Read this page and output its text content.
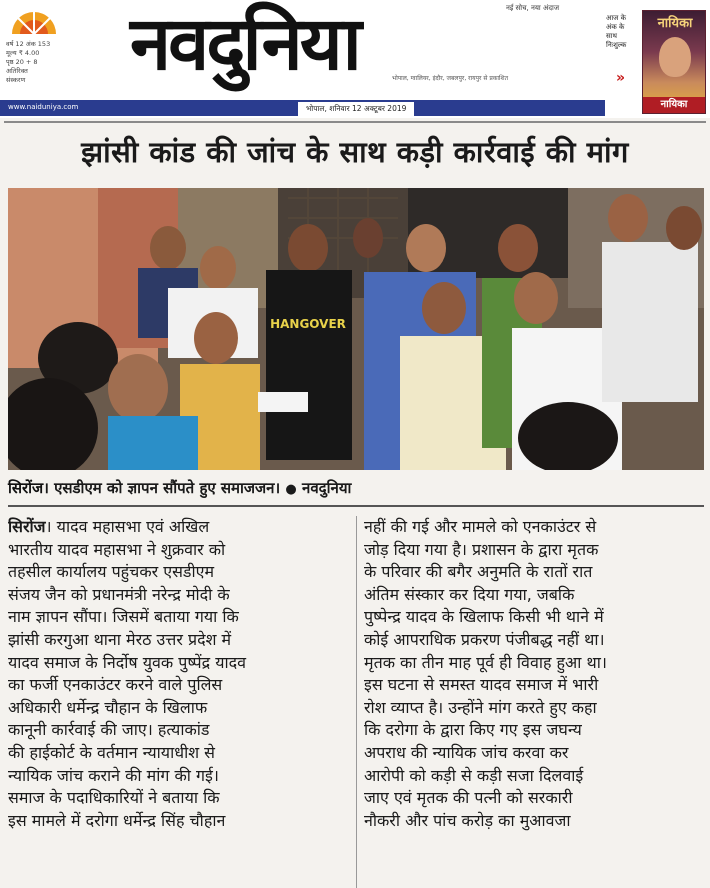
वर्ष 12 अंक 153
मूल्य ₹ 4.00
पृष्ठ 20 + 8
अतिरिक्त
संस्करण	नवदुनिया	नई सोच, नया अंदाज
भोपाल, ग्वालियर, इंदौर, जबलपुर, रायपुर से प्रकाशित
www.naiduniya.com	भोपाल, शनिवार 12 अक्टूबर 2019
आज के
अंक के
साथ
निःशुल्क
»
नायिका
नायिका
झांसी कांड की जांच के साथ कड़ी कार्रवाई की मांग
HANGOVER
सिरोंज। एसडीएम को ज्ञापन सौंपते हुए समाजजन। ● नवदुनिया

सिरोंज। यादव महासभा एवं अखिल
भारतीय यादव महासभा ने शुक्रवार को
तहसील कार्यालय पहुंचकर एसडीएम
संजय जैन को प्रधानमंत्री नरेन्द्र मोदी के
नाम ज्ञापन सौंपा। जिसमें बताया गया कि
झांसी करगुआ थाना मेरठ उत्तर प्रदेश में
यादव समाज के निर्दोष युवक पुष्पेंद्र यादव
का फर्जी एनकाउंटर करने वाले पुलिस
अधिकारी धर्मेन्द्र चौहान के खिलाफ
कानूनी कार्रवाई की जाए। हत्याकांड
की हाईकोर्ट के वर्तमान न्यायाधीश से
न्यायिक जांच कराने की मांग की गई।
समाज के पदाधिकारियों ने बताया कि
इस मामले में दरोगा धर्मेन्द्र सिंह चौहान

नहीं की गई और मामले को एनकाउंटर से
जोड़ दिया गया है। प्रशासन के द्वारा मृतक
के परिवार की बगैर अनुमति के रातों रात
अंतिम संस्कार कर दिया गया, जबकि
पुष्पेन्द्र यादव के खिलाफ किसी भी थाने में
कोई आपराधिक प्रकरण पंजीबद्ध नहीं था।
मृतक का तीन माह पूर्व ही विवाह हुआ था।
इस घटना से समस्त यादव समाज में भारी
रोश व्याप्त है। उन्होंने मांग करते हुए कहा
कि दरोगा के द्वारा किए गए इस जघन्य
अपराध की न्यायिक जांच करवा कर
आरोपी को कड़ी से कड़ी सजा दिलवाई
जाए एवं मृतक की पत्नी को सरकारी
नौकरी और पांच करोड़ का मुआवजा
